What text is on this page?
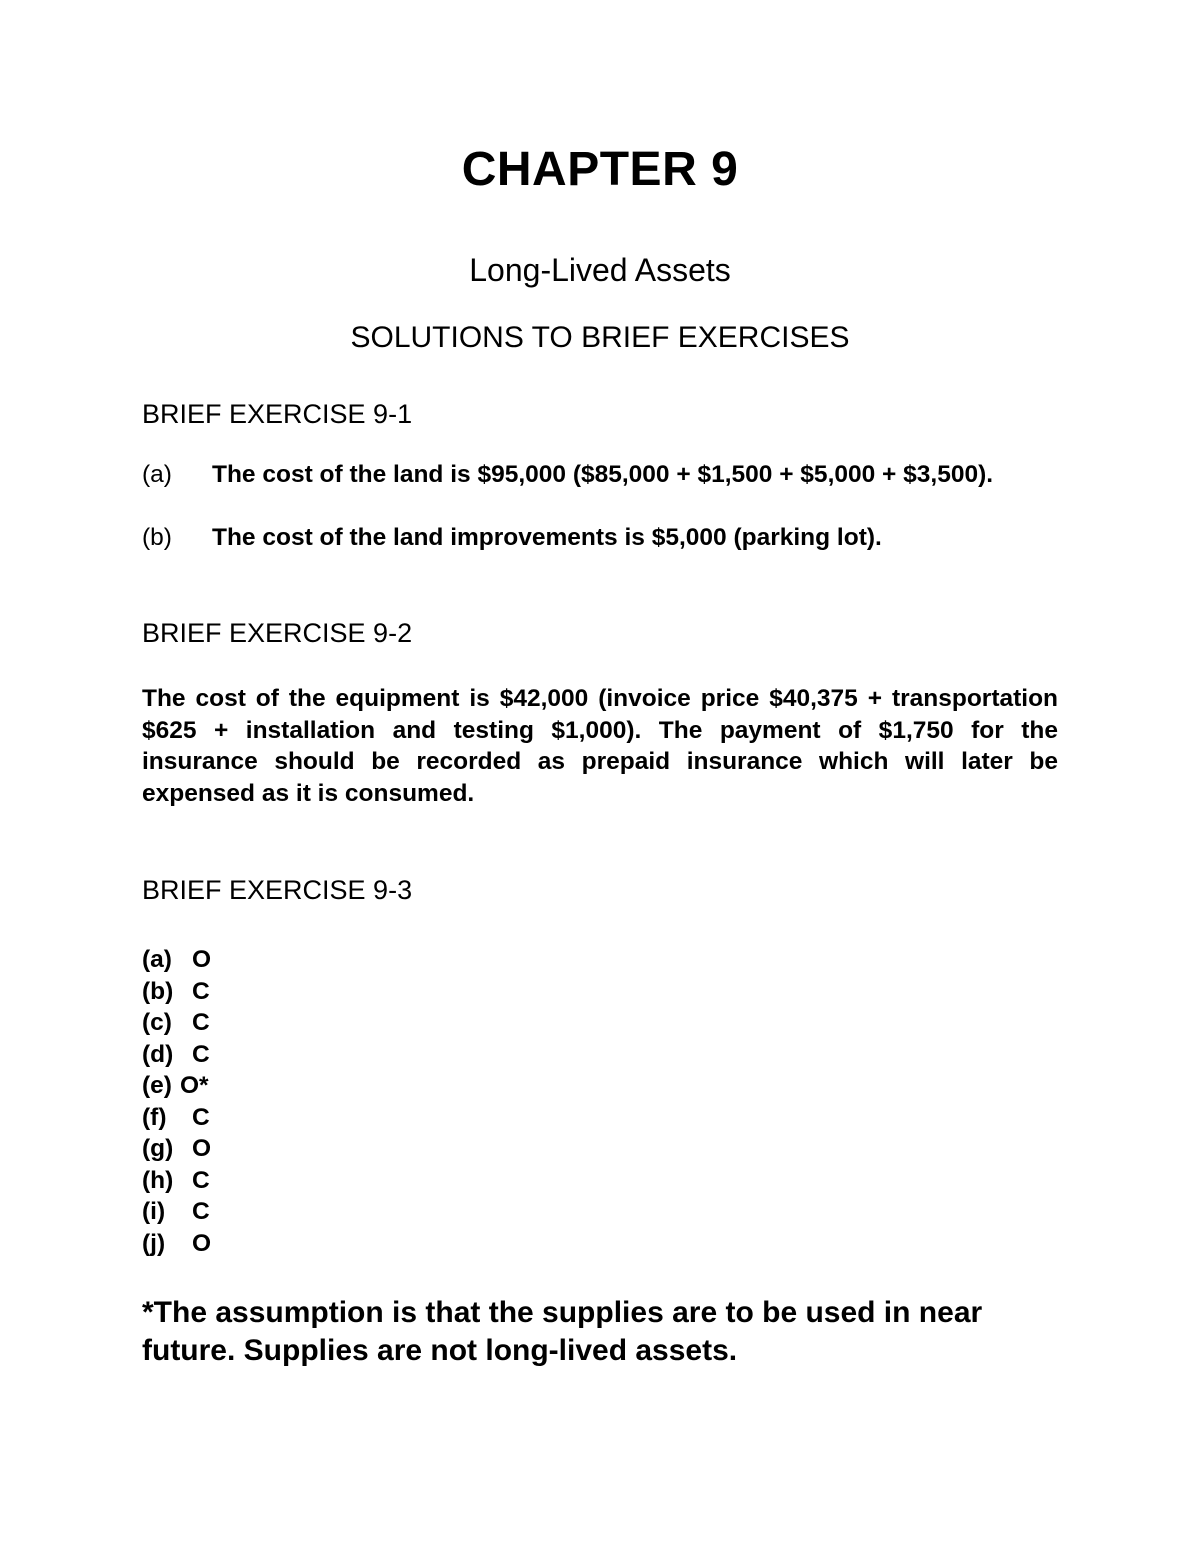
CHAPTER 9
Long-Lived Assets
SOLUTIONS TO BRIEF EXERCISES
BRIEF EXERCISE 9-1
(a) The cost of the land is $95,000 ($85,000 + $1,500 + $5,000 + $3,500).
(b) The cost of the land improvements is $5,000 (parking lot).
BRIEF EXERCISE 9-2
The cost of the equipment is $42,000 (invoice price $40,375 + transportation $625 + installation and testing $1,000). The payment of $1,750 for the insurance should be recorded as prepaid insurance which will later be expensed as it is consumed.
BRIEF EXERCISE 9-3
(a) O
(b) C
(c) C
(d) C
(e) O*
(f) C
(g) O
(h) C
(i) C
(j) O
*The assumption is that the supplies are to be used in near future. Supplies are not long-lived assets.
